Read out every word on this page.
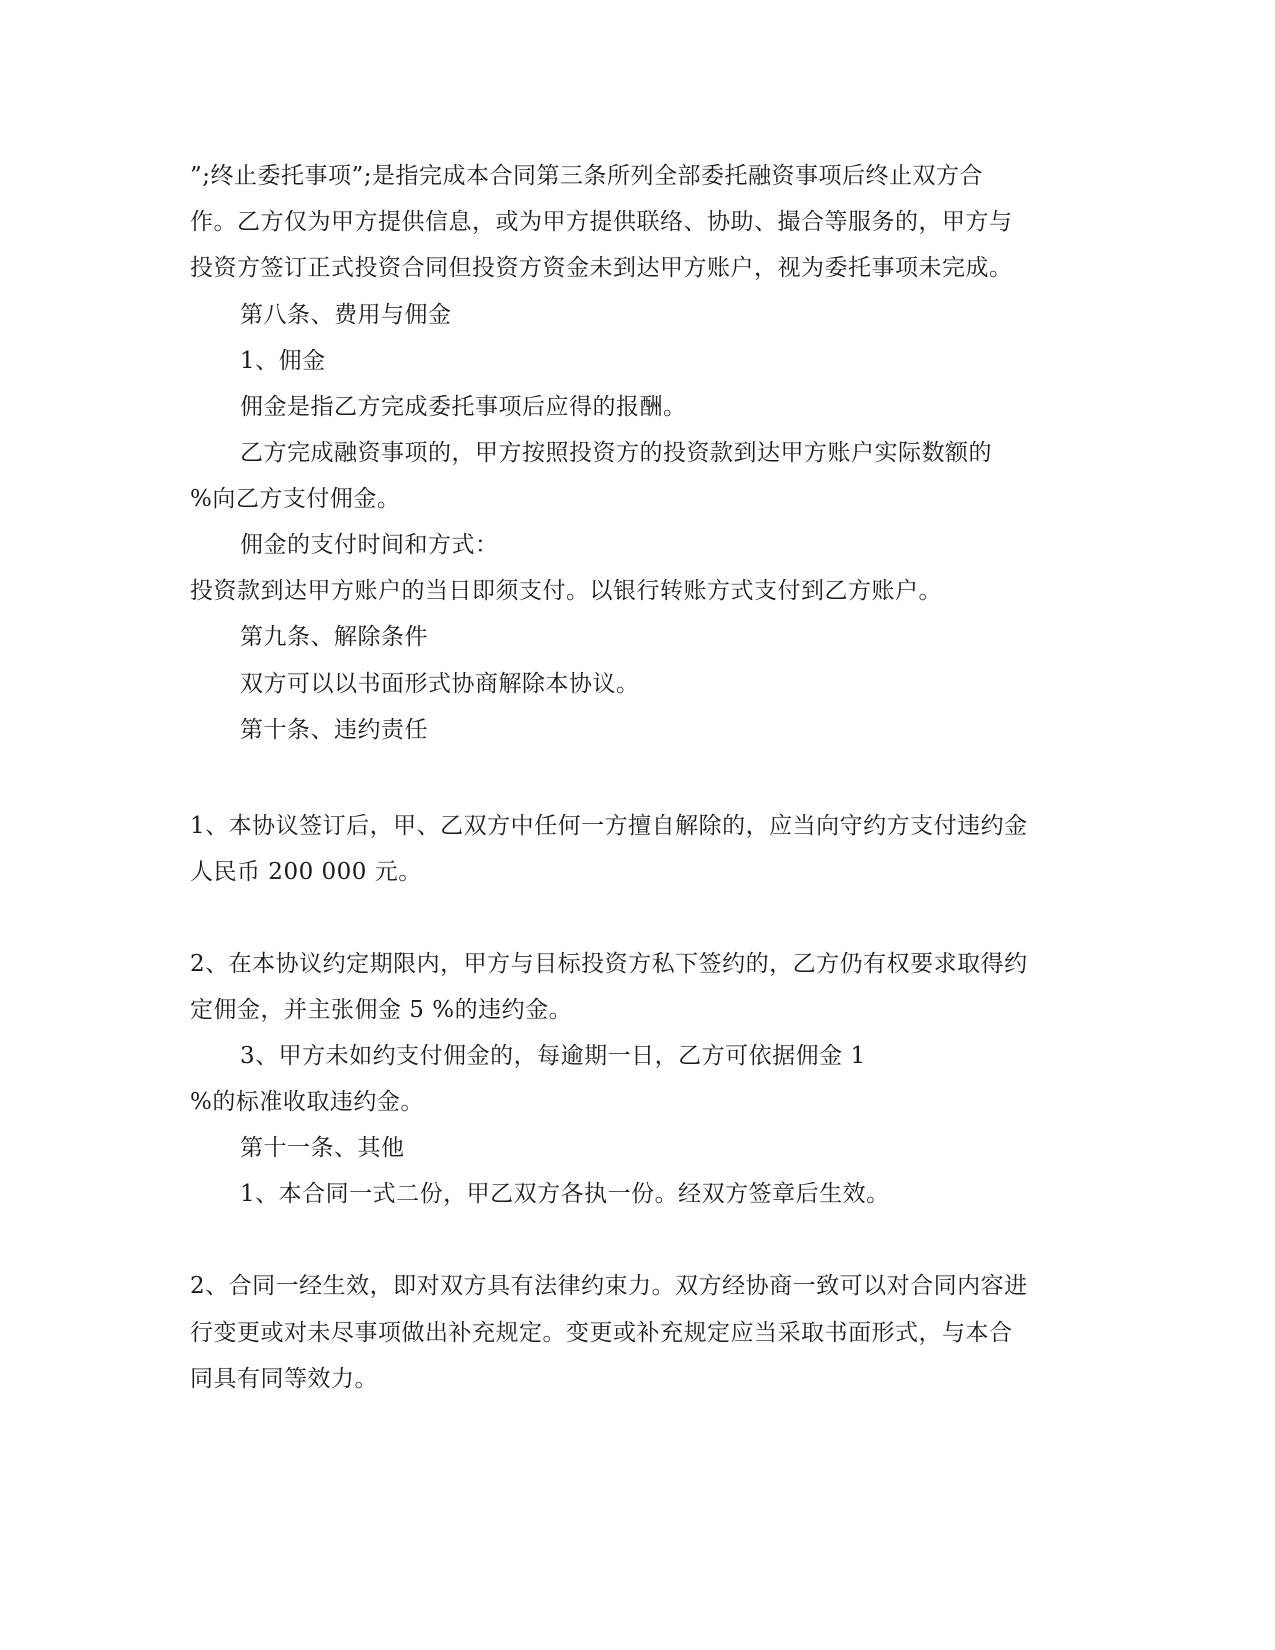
”;终止委托事项”;是指完成本合同第三条所列全部委托融资事项后终止双方合
作。乙方仅为甲方提供信息，或为甲方提供联络、协助、撮合等服务的，甲方与
投资方签订正式投资合同但投资方资金未到达甲方账户，视为委托事项未完成。
第八条、费用与佣金
1、佣金
佣金是指乙方完成委托事项后应得的报酬。
乙方完成融资事项的，甲方按照投资方的投资款到达甲方账户实际数额的
%向乙方支付佣金。
佣金的支付时间和方式：
投资款到达甲方账户的当日即须支付。以银行转账方式支付到乙方账户。
第九条、解除条件
双方可以以书面形式协商解除本协议。
第十条、违约责任
1、本协议签订后，甲、乙双方中任何一方擅自解除的，应当向守约方支付违约金
人民币 200 000 元。
2、在本协议约定期限内，甲方与目标投资方私下签约的，乙方仍有权要求取得约
定佣金，并主张佣金 5 %的违约金。
3、甲方未如约支付佣金的，每逾期一日，乙方可依据佣金 1
%的标准收取违约金。
第十一条、其他
1、本合同一式二份，甲乙双方各执一份。经双方签章后生效。
2、合同一经生效，即对双方具有法律约束力。双方经协商一致可以对合同内容进
行变更或对未尽事项做出补充规定。变更或补充规定应当采取书面形式，与本合
同具有同等效力。
